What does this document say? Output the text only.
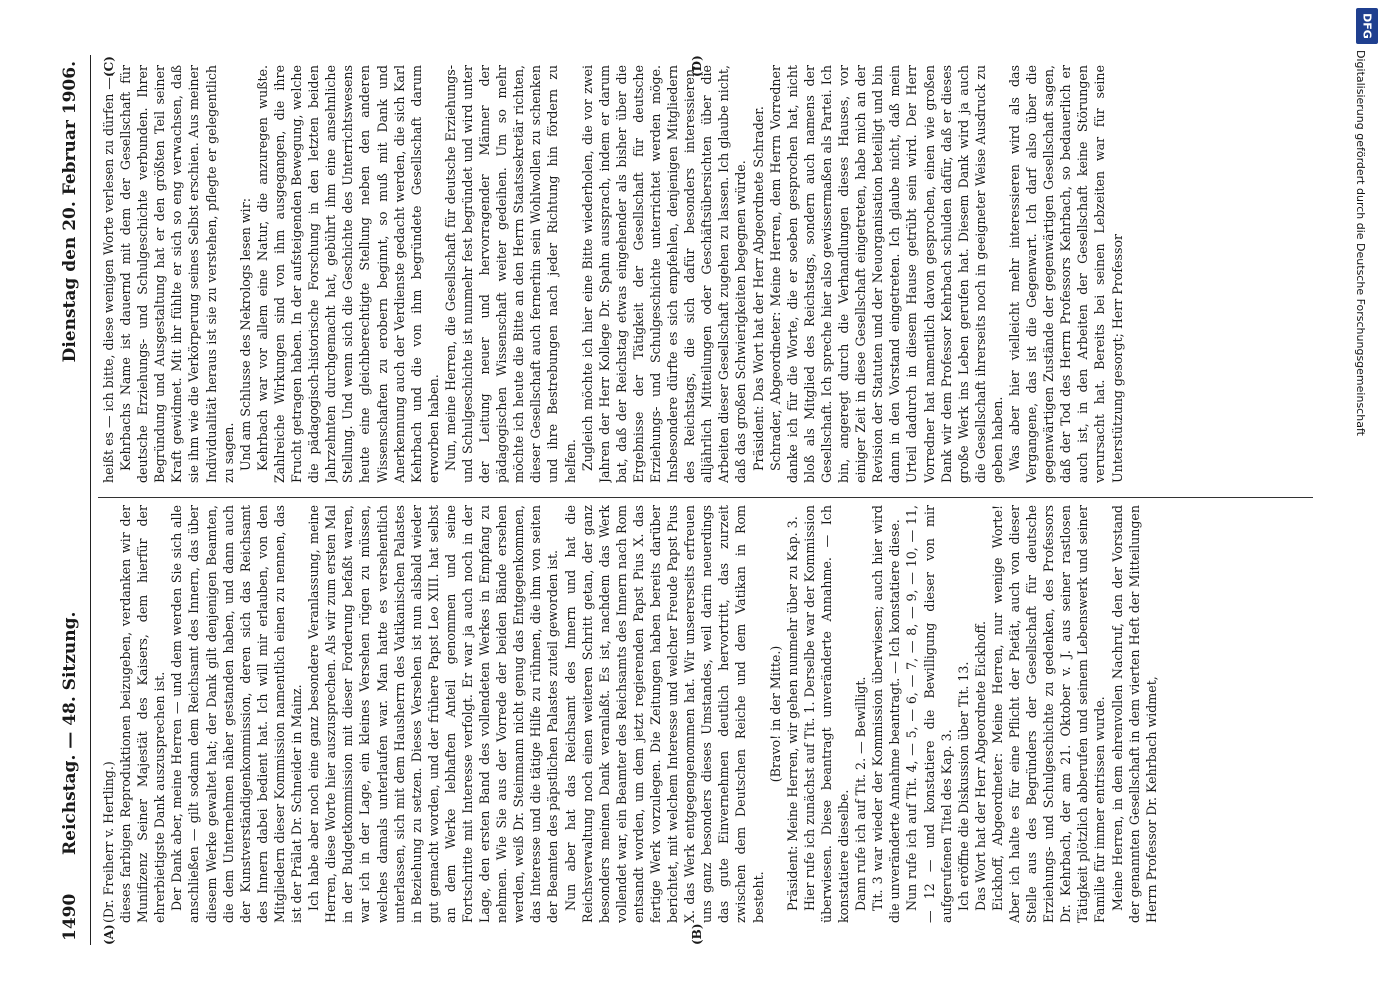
DFG
Digitalisierung gefördert durch die Deutsche Forschungsgemeinschaft
1490
Reichstag. — 48. Sitzung.
Dienstag den 20. Februar 1906.
(A)	(B)
(C)	(D)

(Dr. Freiherr v. Hertling.) dieses farbigen Reproduktionen beizugeben, verdanken wir der Munifizenz Seiner Majestät des Kaisers, dem hierfür der ehrerbietigste Dank auszusprechen ist. Der Dank aber, meine Herren — und dem werden Sie sich alle anschließen — gilt sodann dem Reichsamt des Innern, das über diesem Werke gewaltet hat; der Dank gilt denjenigen Beamten, die dem Unternehmen näher gestanden haben, und dann auch der Kunstverständigenkommission, deren sich das Reichsamt des Innern dabei bedient hat. Ich will mir erlauben, von den Mitgliedern dieser Kommission namentlich einen zu nennen, das ist der Prälat Dr. Schneider in Mainz. Ich habe aber noch eine ganz besondere Veranlassung, meine Herren, diese Worte hier auszusprechen. Als wir zum ersten Mal in der Budgetkommission mit dieser Forderung befaßt waren, war ich in der Lage, ein kleines Versehen rügen zu müssen, welches damals unterlaufen war. Man hatte es versehentlich unterlassen, sich mit dem Hausherrn des Vatikanischen Palastes in Beziehung zu setzen. Dieses Versehen ist nun alsbald wieder gut gemacht worden, und der frühere Papst Leo XIII. hat selbst an dem Werke lebhaften Anteil genommen und seine Fortschritte mit Interesse verfolgt. Er war ja auch noch in der Lage, den ersten Band des vollendeten Werkes in Empfang zu nehmen. Wie Sie aus der Vorrede der beiden Bände ersehen werden, weiß Dr. Steinmann nicht genug das Entgegenkommen, das Interesse und die tätige Hilfe zu rühmen, die ihm von seiten der Beamten des päpstlichen Palastes zuteil geworden ist. Nun aber hat das Reichsamt des Innern und hat die Reichsverwaltung noch einen weiteren Schritt getan, der ganz besonders meinen Dank veranlaßt. Es ist, nachdem das Werk vollendet war, ein Beamter des Reichsamts des Innern nach Rom entsandt worden, um dem jetzt regierenden Papst Pius X. das fertige Werk vorzulegen. Die Zeitungen haben bereits darüber berichtet, mit welchem Interesse und welcher Freude Papst Pius X. das Werk entgegengenommen hat. Wir unsererseits erfreuen uns ganz besonders dieses Umstandes, weil darin neuerdings das gute Einvernehmen deutlich hervortritt, das zurzeit zwischen dem Deutschen Reiche und dem Vatikan in Rom besteht.

(Bravo! in der Mitte.) Präsident: Meine Herren, wir gehen nunmehr über zu Kap. 3. Hier rufe ich zunächst auf Tit. 1. Derselbe war der Kommission überwiesen. Diese beantragt unveränderte Annahme. — Ich konstatiere dieselbe. Dann rufe ich auf Tit. 2. — Bewilligt. Tit. 3 war wieder der Kommission überwiesen; auch hier wird die unveränderte Annahme beantragt. — Ich konstatiere diese. Nun rufe ich auf Tit. 4, — 5, — 6, — 7, — 8, — 9, — 10, — 11, — 12 — und konstatiere die Bewilligung dieser von mir aufgerufenen Titel des Kap. 3. Ich eröffne die Diskussion über Tit. 13. Das Wort hat der Herr Abgeordnete Eickhoff. Eickhoff, Abgeordneter: Meine Herren, nur wenige Worte! Aber ich halte es für eine Pflicht der Pietät, auch von dieser Stelle aus des Begründers der Gesellschaft für deutsche Erziehungs- und Schulgeschichte zu gedenken, des Professors Dr. Kehrbach, der am 21. Oktober v. J. aus seiner rastlosen Tätigkeit plötzlich abberufen und seinem Lebenswerk und seiner Familie für immer entrissen wurde. Meine Herren, in dem ehrenvollen Nachruf, den der Vorstand der genannten Gesellschaft in dem vierten Heft der Mitteilungen Herrn Professor Dr. Kehrbach widmet,

heißt es — ich bitte, diese wenigen Worte verlesen zu dürfen —: Kehrbachs Name ist dauernd mit dem der Gesellschaft für deutsche Erziehungs- und Schulgeschichte verbunden. Ihrer Begründung und Ausgestaltung hat er den größten Teil seiner Kraft gewidmet. Mit ihr fühlte er sich so eng verwachsen, daß sie ihm wie die Verkörperung seines Selbst erschien. Aus meiner Individualität heraus ist sie zu verstehen, pflegte er gelegentlich zu sagen. Und am Schlusse des Nekrologs lesen wir: Kehrbach war vor allem eine Natur, die anzuregen wußte. Zahlreiche Wirkungen sind von ihm ausgegangen, die ihre Frucht getragen haben. In der aufsteigenden Bewegung, welche die pädagogisch-historische Forschung in den letzten beiden Jahrzehnten durchgemacht hat, gebührt ihm eine ansehnliche Stellung. Und wenn sich die Geschichte des Unterrichtswesens heute eine gleichberechtigte Stellung neben den anderen Wissenschaften zu erobern beginnt, so muß mit Dank und Anerkennung auch der Verdienste gedacht werden, die sich Karl Kehrbach und die von ihm begründete Gesellschaft darum erworben haben. Nun, meine Herren, die Gesellschaft für deutsche Erziehungs- und Schulgeschichte ist nunmehr fest begründet und wird unter der Leitung neuer und hervorragender Männer der pädagogischen Wissenschaft weiter gedeihen. Um so mehr möchte ich heute die Bitte an den Herrn Staatssekretär richten, dieser Gesellschaft auch fernerhin sein Wohlwollen zu schenken und ihre Bestrebungen nach jeder Richtung hin fördern zu helfen. Zugleich möchte ich hier eine Bitte wiederholen, die vor zwei Jahren der Herr Kollege Dr. Spahn aussprach, indem er darum bat, daß der Reichstag etwas eingehender als bisher über die Ergebnisse der Tätigkeit der Gesellschaft für deutsche Erziehungs- und Schulgeschichte unterrichtet werden möge. Insbesondere dürfte es sich empfehlen, denjenigen Mitgliedern des Reichstags, die sich dafür besonders interessieren, alljährlich Mitteilungen oder Geschäftsübersichten über die Arbeiten dieser Gesellschaft zugehen zu lassen. Ich glaube nicht, daß das großen Schwierigkeiten begegnen würde. Präsident: Das Wort hat der Herr Abgeordnete Schrader. Schrader, Abgeordneter: Meine Herren, dem Herrn Vorredner danke ich für die Worte, die er soeben gesprochen hat, nicht bloß als Mitglied des Reichstags, sondern auch namens der Gesellschaft. Ich spreche hier also gewissermaßen als Partei. Ich bin, angeregt durch die Verhandlungen dieses Hauses, vor einiger Zeit in diese Gesellschaft eingetreten, habe mich an der Revision der Statuten und der Neuorganisation beteiligt und bin dann in den Vorstand eingetreten. Ich glaube nicht, daß mein Urteil dadurch in diesem Hause getrübt sein wird. Der Herr Vorredner hat namentlich davon gesprochen, einen wie großen Dank wir dem Professor Kehrbach schulden dafür, daß er dieses große Werk ins Leben gerufen hat. Diesem Dank wird ja auch die Gesellschaft ihrerseits noch in geeigneter Weise Ausdruck zu geben haben. Was aber hier vielleicht mehr interessieren wird als das Vergangene, das ist die Gegenwart. Ich darf also über die gegenwärtigen Zustände der gegenwärtigen Gesellschaft sagen, daß der Tod des Herrn Professors Kehrbach, so bedauerlich er auch ist, in den Arbeiten der Gesellschaft keine Störungen verursacht hat. Bereits bei seinen Lebzeiten war für seine Unterstützung gesorgt; Herr Professor
